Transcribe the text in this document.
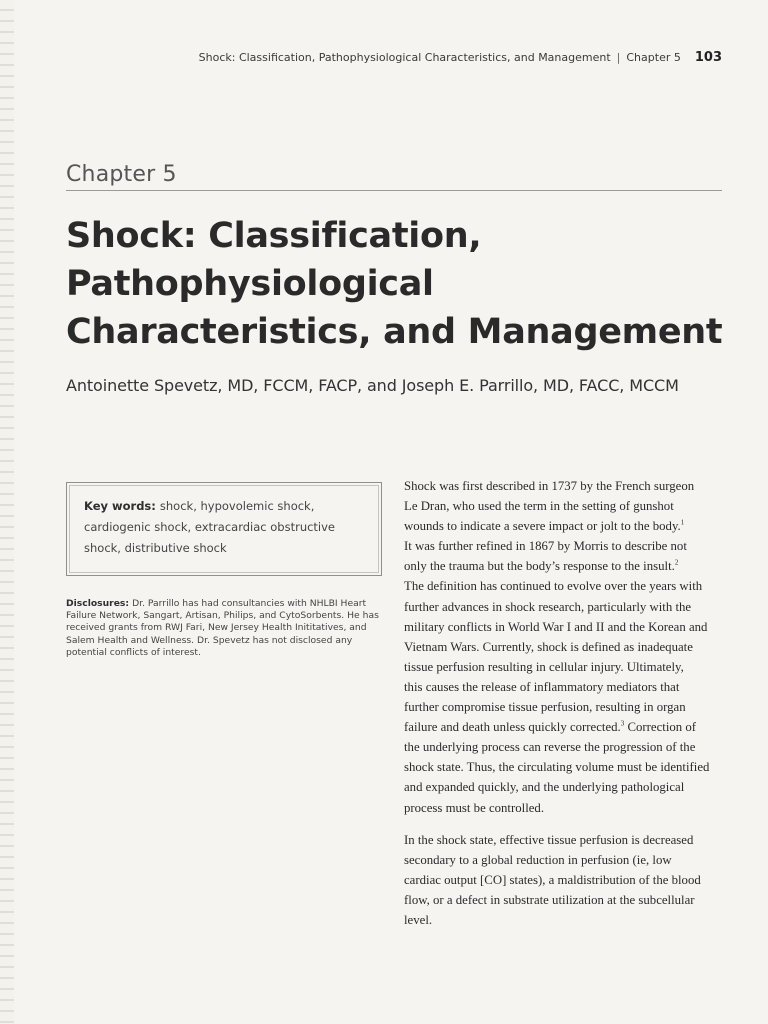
Shock: Classification, Pathophysiological Characteristics, and Management | Chapter 5 103
Chapter 5
Shock: Classification,
Pathophysiological
Characteristics, and Management
Antoinette Spevetz, MD, FCCM, FACP, and Joseph E. Parrillo, MD, FACC, MCCM
Key words: shock, hypovolemic shock, cardiogenic shock, extracardiac obstructive shock, distributive shock
Disclosures: Dr. Parrillo has had consultancies with NHLBI Heart Failure Network, Sangart, Artisan, Philips, and CytoSorbents. He has received grants from RWJ Fari, New Jersey Health Inititatives, and Salem Health and Wellness. Dr. Spevetz has not disclosed any potential conflicts of interest.
Shock was first described in 1737 by the French surgeon
Le Dran, who used the term in the setting of gunshot
wounds to indicate a severe impact or jolt to the body.$^1$
It was further refined in 1867 by Morris to describe not
only the trauma but the body’s response to the insult.$^2$
The definition has continued to evolve over the years with
further advances in shock research, particularly with the
military conflicts in World War I and II and the Korean and
Vietnam Wars. Currently, shock is defined as inadequate
tissue perfusion resulting in cellular injury. Ultimately,
this causes the release of inflammatory mediators that
further compromise tissue perfusion, resulting in organ
failure and death unless quickly corrected.$^3$ Correction of
the underlying process can reverse the progression of the
shock state. Thus, the circulating volume must be identified
and expanded quickly, and the underlying pathological
process must be controlled.
In the shock state, effective tissue perfusion is decreased
secondary to a global reduction in perfusion (ie, low
cardiac output [CO] states), a maldistribution of the blood
flow, or a defect in substrate utilization at the subcellular
level.
